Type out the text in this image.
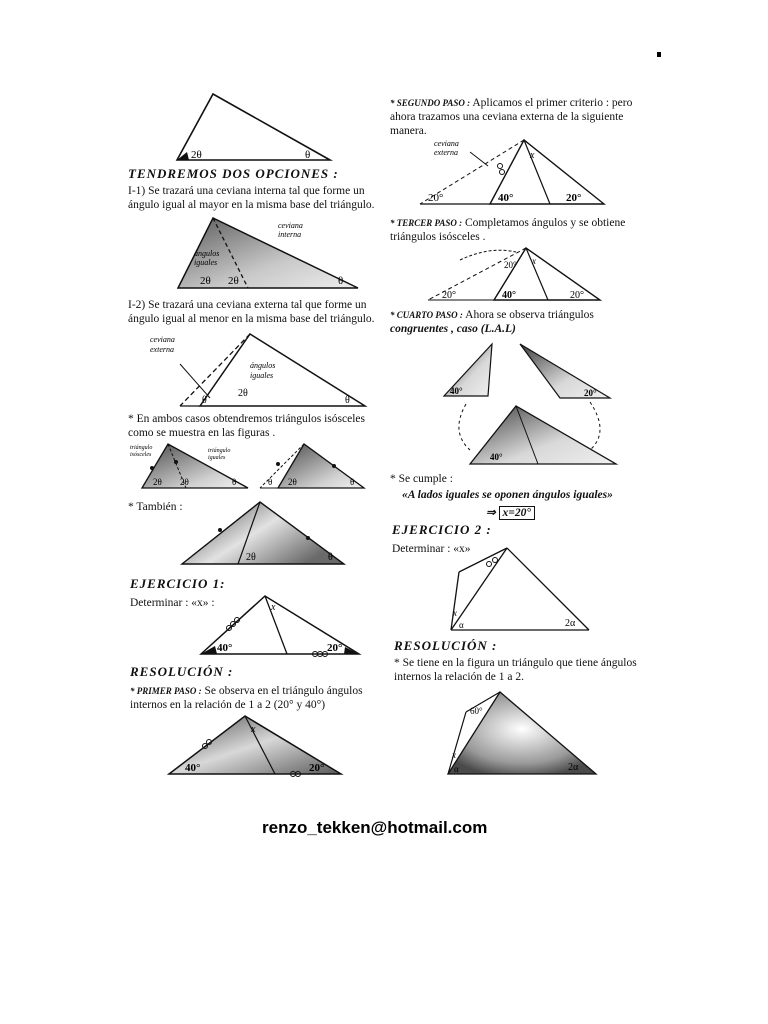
2θ	θ
TENDREMOS DOS OPCIONES :
I-1) Se trazará una ceviana interna tal que forme un
ángulo igual al mayor en la misma base del triángulo.
2θ 2θ	θ
ceviana
interna
ángulos
iguales
I-2) Se trazará una ceviana externa tal que forme un
ángulo igual al menor en la misma base del triángulo.
ceviana
externa
ángulos
iguales
θ
2θ
θ
* En ambos casos obtendremos triángulos isósceles
como se muestra en las figuras .
2θ 2θ	θ
triángulo
isósceles
triángulo
iguales
θ 2θ	θ
* También :
2θ	θ
EJERCICIO 1:
Determinar : «x» :
40°	20°
x
RESOLUCIÓN :
* PRIMER PASO : Se observa en el triángulo ángulos
internos en la relación de 1 a 2 (20° y 40°)
40°	20°
x
* SEGUNDO PASO : Aplicamos el primer criterio : pero
ahora trazamos una ceviana externa de la siguiente
manera.
ceviana
externa
20°	40°	20°
x
* TERCER PASO : Completamos ángulos y se obtiene
triángulos isósceles .
20°	40°	20°
20° x
* CUARTO PASO : Ahora se observa triángulos
congruentes , caso (L.A.L)
40°	20°
40°
* Se cumple :
«A lados iguales se oponen ángulos iguales»
⇒ x=20°
EJERCICIO 2 :
Determinar : «x»
x
α	2α
RESOLUCIÓN :
* Se tiene en la figura un triángulo que tiene ángulos
internos la relación de 1 a 2.
60°
x
α	2α
renzo_tekken@hotmail.com
